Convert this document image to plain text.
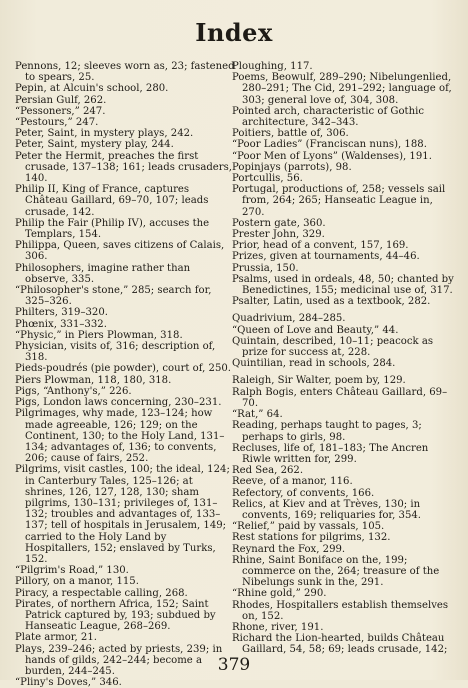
Index

Pennons, 12; sleeves worn as, 23; fastened to spears, 25.

Pepin, at Alcuin's school, 280.

Persian Gulf, 262.

“Pessoners,” 247.

“Pestours,” 247.

Peter, Saint, in mystery plays, 242.

Peter, Saint, mystery play, 244.

Peter the Hermit, preaches the first crusade, 137–138; 161; leads crusaders, 140.

Philip II, King of France, captures Château Gaillard, 69–70, 107; leads crusade, 142.

Philip the Fair (Philip IV), accuses the Templars, 154.

Philippa, Queen, saves citizens of Calais, 306.

Philosophers, imagine rather than observe, 335.

“Philosopher's stone,” 285; search for, 325–326.

Philters, 319–320.

Phœnix, 331–332.

“Physic,” in Piers Plowman, 318.

Physician, visits of, 316; description of, 318.

Pieds-poudrés (pie powder), court of, 250.

Piers Plowman, 118, 180, 318.

Pigs, “Anthony's,” 226.

Pigs, London laws concerning, 230–231.

Pilgrimages, why made, 123–124; how made agreeable, 126; 129; on the Continent, 130; to the Holy Land, 131–134; advantages of, 136; to convents, 206; cause of fairs, 252.

Pilgrims, visit castles, 100; the ideal, 124; in Canterbury Tales, 125–126; at shrines, 126, 127, 128, 130; sham pilgrims, 130–131; privileges of, 131–132; troubles and advantages of, 133–137; tell of hospitals in Jerusalem, 149; carried to the Holy Land by Hospitallers, 152; enslaved by Turks, 152.

“Pilgrim's Road,” 130.

Pillory, on a manor, 115.

Piracy, a respectable calling, 268.

Pirates, of northern Africa, 152; Saint Patrick captured by, 193; subdued by Hanseatic League, 268–269.

Plate armor, 21.

Plays, 239–246; acted by priests, 239; in hands of gilds, 242–244; become a burden, 244–245.

“Pliny's Doves,” 346.

Ploughing, 117.

Poems, Beowulf, 289–290; Nibelungenlied, 280–291; The Cid, 291–292; language of, 303; general love of, 304, 308.

Pointed arch, characteristic of Gothic architecture, 342–343.

Poitiers, battle of, 306.

“Poor Ladies” (Franciscan nuns), 188.

“Poor Men of Lyons” (Waldenses), 191.

Popinjays (parrots), 98.

Portcullis, 56.

Portugal, productions of, 258; vessels sail from, 264; 265; Hanseatic League in, 270.

Postern gate, 360.

Prester John, 329.

Prior, head of a convent, 157, 169.

Prizes, given at tournaments, 44–46.

Prussia, 150.

Psalms, used in ordeals, 48, 50; chanted by Benedictines, 155; medicinal use of, 317.

Psalter, Latin, used as a textbook, 282.

Quadrivium, 284–285.

“Queen of Love and Beauty,” 44.

Quintain, described, 10–11; peacock as prize for success at, 228.

Quintilian, read in schools, 284.

Raleigh, Sir Walter, poem by, 129.

Ralph Bogis, enters Château Gaillard, 69–70.

“Rat,” 64.

Reading, perhaps taught to pages, 3; perhaps to girls, 98.

Recluses, life of, 181–183; The Ancren Riwle written for, 299.

Red Sea, 262.

Reeve, of a manor, 116.

Refectory, of convents, 166.

Relics, at Kiev and at Trèves, 130; in convents, 169; reliquaries for, 354.

“Relief,” paid by vassals, 105.

Rest stations for pilgrims, 132.

Reynard the Fox, 299.

Rhine, Saint Boniface on the, 199; commerce on the, 264; treasure of the Nibelungs sunk in the, 291.

“Rhine gold,” 290.

Rhodes, Hospitallers establish themselves on, 152.

Rhone, river, 191.

Richard the Lion-hearted, builds Château Gaillard, 54, 58; 69; leads crusade, 142;

379
